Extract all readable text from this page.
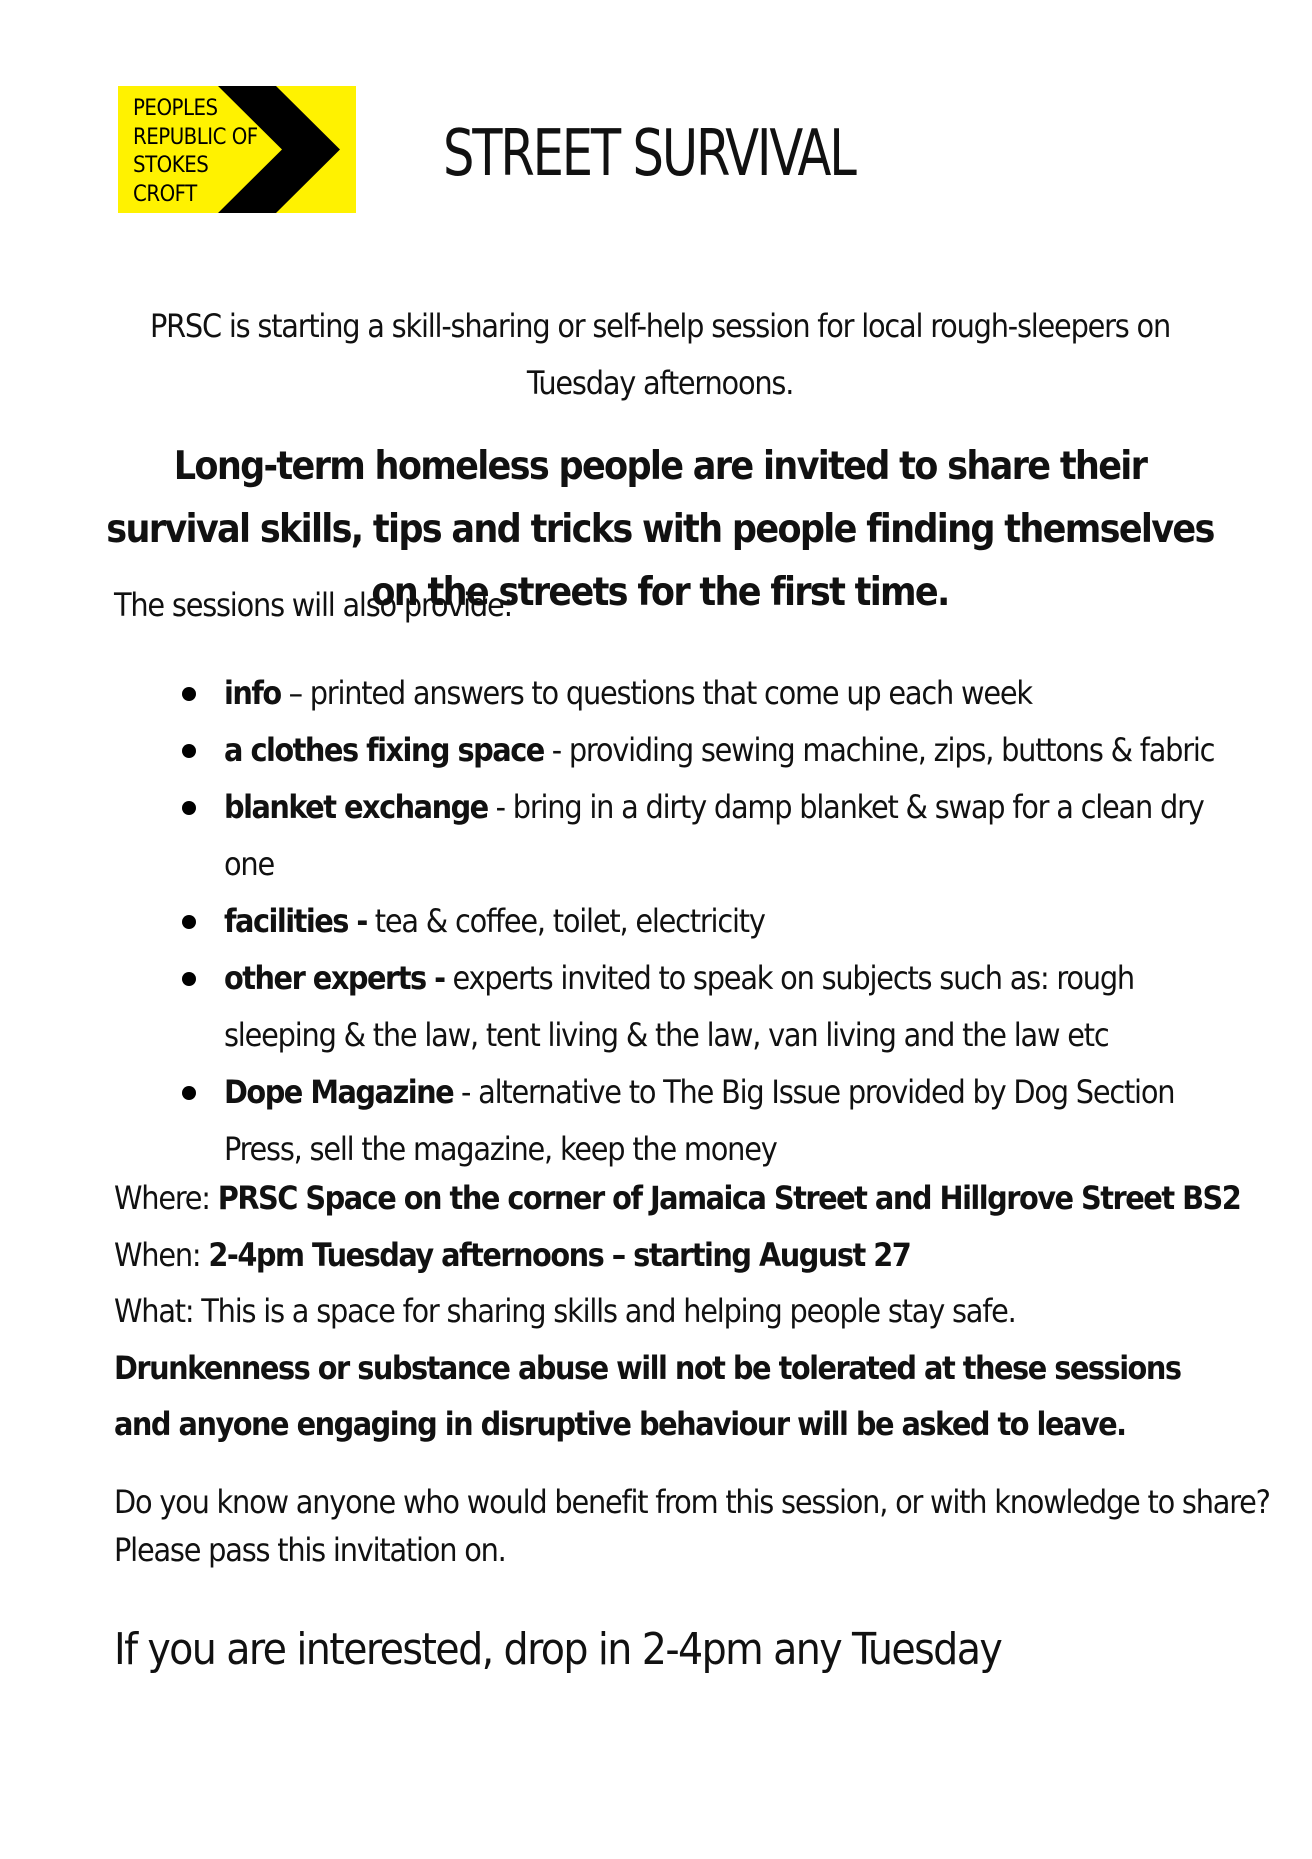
PEOPLES
REPUBLIC OF
STOKES
CROFT
STREET SURVIVAL
PRSC is starting a skill-sharing or self-help session for local rough-sleepers on Tuesday afternoons.
Long-term homeless people are invited to share their survival skills, tips and tricks with people finding themselves on the streets for the first time.
The sessions will also provide:
info – printed answers to questions that come up each week
a clothes fixing space - providing sewing machine, zips, buttons & fabric
blanket exchange - bring in a dirty damp blanket & swap for a clean dry one
facilities - tea & coffee, toilet, electricity
other experts - experts invited to speak on subjects such as: rough sleeping & the law, tent living & the law, van living and the law etc
Dope Magazine - alternative to The Big Issue provided by Dog Section Press, sell the magazine, keep the money
Where: PRSC Space on the corner of Jamaica Street and Hillgrove Street BS2
When: 2-4pm Tuesday afternoons – starting August 27
What: This is a space for sharing skills and helping people stay safe.
Drunkenness or substance abuse will not be tolerated at these sessions and anyone engaging in disruptive behaviour will be asked to leave.
Do you know anyone who would benefit from this session, or with knowledge to share?
Please pass this invitation on.
If you are interested, drop in 2-4pm any Tuesday
